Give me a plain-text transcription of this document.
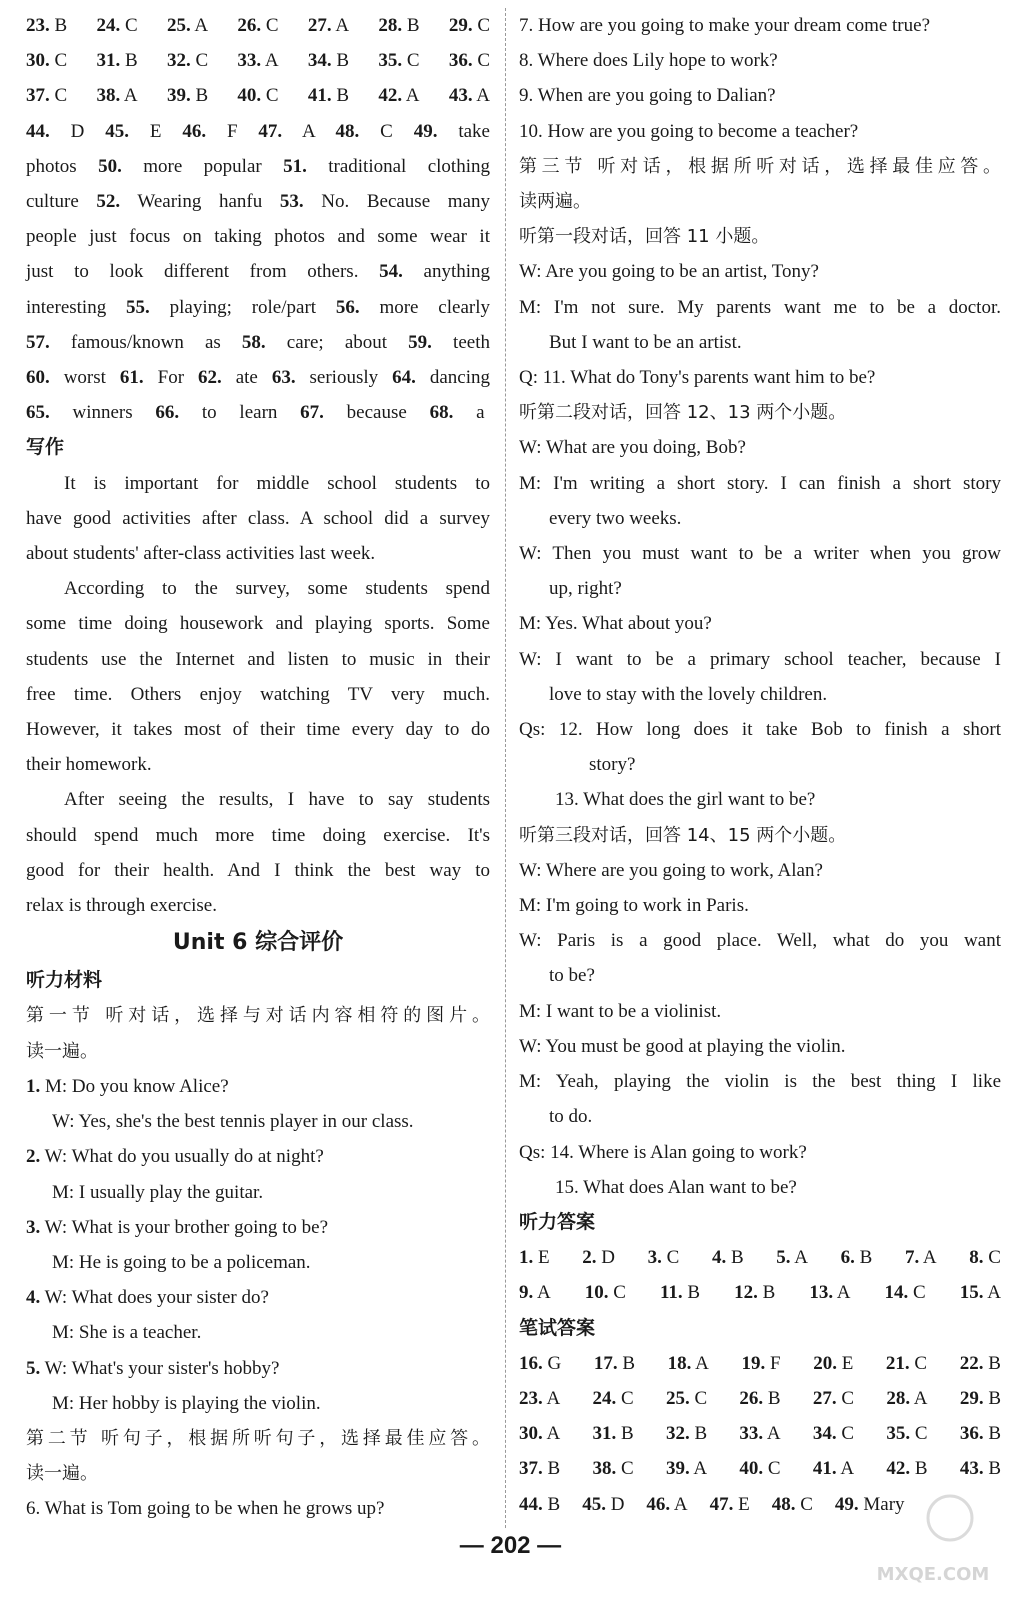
23. B 24. C 25. A 26. C 27. A 28. B 29. C
30. C 31. B 32. C 33. A 34. B 35. C 36. C
37. C 38. A 39. B 40. C 41. B 42. A 43. A
44. D 45. E 46. F 47. A 48. C 49. take
photos 50. more popular 51. traditional clothing
culture 52. Wearing hanfu 53. No. Because many
people just focus on taking photos and some wear it
just to look different from others. 54. anything
interesting 55. playing; role/part 56. more clearly
57. famous/known as 58. care; about 59. teeth
60. worst 61. For 62. ate 63. seriously 64. dancing
65. winners 66. to learn 67. because 68. a
写作
It is important for middle school students to
have good activities after class. A school did a survey
about students' after-class activities last week.
According to the survey, some students spend
some time doing housework and playing sports. Some
students use the Internet and listen to music in their
free time. Others enjoy watching TV very much.
However, it takes most of their time every day to do
their homework.
After seeing the results, I have to say students
should spend much more time doing exercise. It's
good for their health. And I think the best way to
relax is through exercise.
Unit 6 综合评价
听力材料
第一节 听对话，选择与对话内容相符的图片。
读一遍。
1. M: Do you know Alice?
W: Yes, she's the best tennis player in our class.
2. W: What do you usually do at night?
M: I usually play the guitar.
3. W: What is your brother going to be?
M: He is going to be a policeman.
4. W: What does your sister do?
M: She is a teacher.
5. W: What's your sister's hobby?
M: Her hobby is playing the violin.
第二节 听句子，根据所听句子，选择最佳应答。
读一遍。
6. What is Tom going to be when he grows up?
7. How are you going to make your dream come true?
8. Where does Lily hope to work?
9. When are you going to Dalian?
10. How are you going to become a teacher?
第三节 听对话，根据所听对话，选择最佳应答。
读两遍。
听第一段对话，回答 11 小题。
W: Are you going to be an artist, Tony?
M: I'm not sure. My parents want me to be a doctor.
But I want to be an artist.
Q: 11. What do Tony's parents want him to be?
听第二段对话，回答 12、13 两个小题。
W: What are you doing, Bob?
M: I'm writing a short story. I can finish a short story
every two weeks.
W: Then you must want to be a writer when you grow
up, right?
M: Yes. What about you?
W: I want to be a primary school teacher, because I
love to stay with the lovely children.
Qs: 12. How long does it take Bob to finish a short
story?
13. What does the girl want to be?
听第三段对话，回答 14、15 两个小题。
W: Where are you going to work, Alan?
M: I'm going to work in Paris.
W: Paris is a good place. Well, what do you want
to be?
M: I want to be a violinist.
W: You must be good at playing the violin.
M: Yeah, playing the violin is the best thing I like
to do.
Qs: 14. Where is Alan going to work?
15. What does Alan want to be?
听力答案
1. E 2. D 3. C 4. B 5. A 6. B 7. A 8. C
9. A 10. C 11. B 12. B 13. A 14. C 15. A
笔试答案
16. G 17. B 18. A 19. F 20. E 21. C 22. B
23. A 24. C 25. C 26. B 27. C 28. A 29. B
30. A 31. B 32. B 33. A 34. C 35. C 36. B
37. B 38. C 39. A 40. C 41. A 42. B 43. B
44. B 45. D 46. A 47. E 48. C 49. Mary
— 202 —
MXQE.COM
